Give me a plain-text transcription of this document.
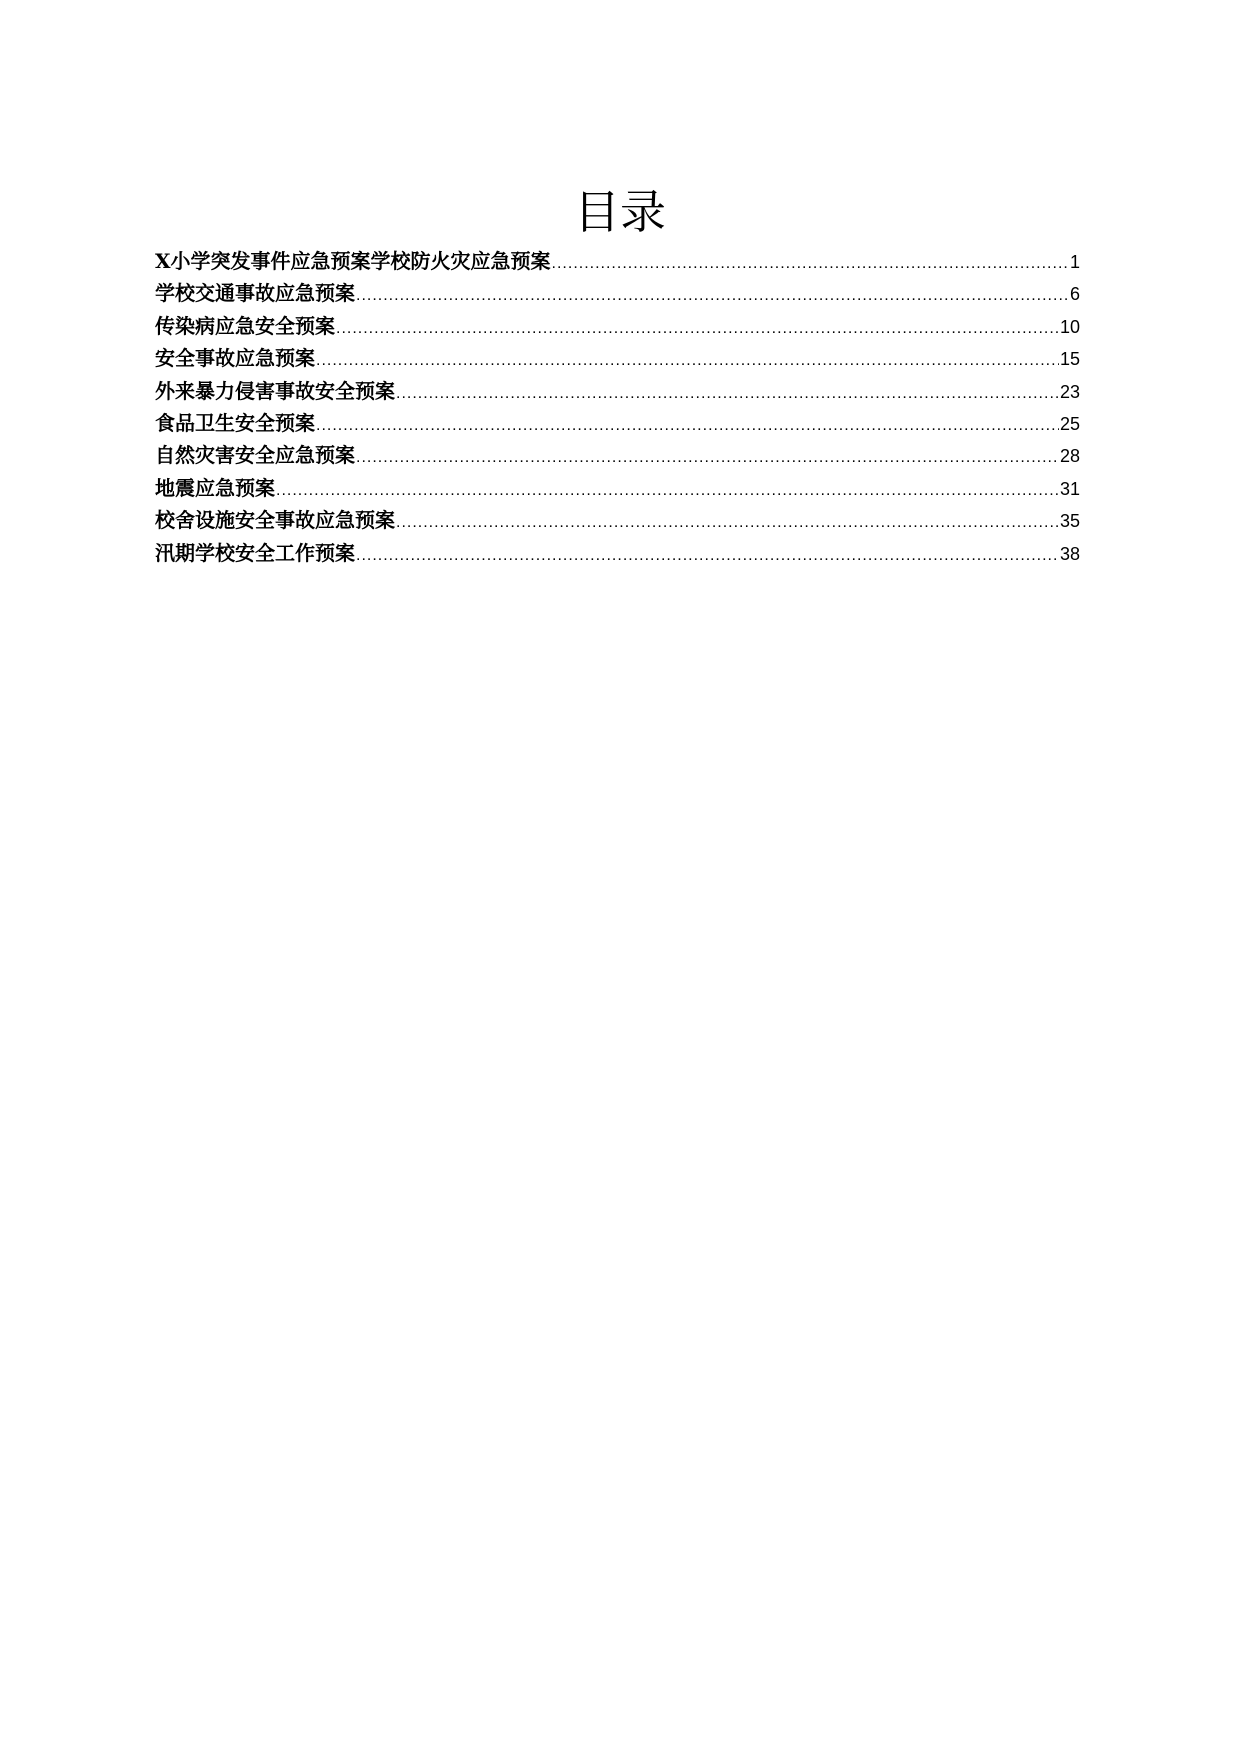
目录
X小学突发事件应急预案学校防火灾应急预案 .....	1
学校交通事故应急预案 .....	6
传染病应急安全预案 .....	10
安全事故应急预案 .....	15
外来暴力侵害事故安全预案 .....	23
食品卫生安全预案 .....	25
自然灾害安全应急预案 .....	28
地震应急预案 .....	31
校舍设施安全事故应急预案 .....	35
汛期学校安全工作预案 .....	38
